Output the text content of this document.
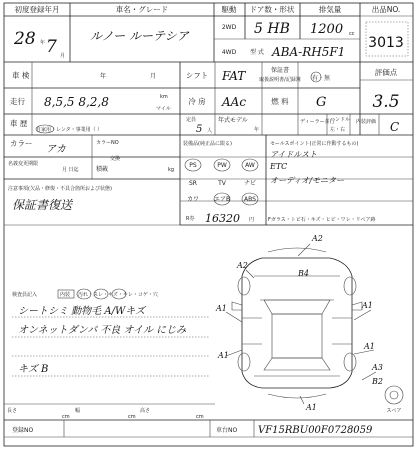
初度登録年月
28 年 7 月
車名・グレード
ルノー ルーテシア
駆動
2WD
4WD
ドア数・形状
5 HB
排気量
1200 cc
型 式 ABA-RH5F1
出品NO.
3013
車 検	年	月
走行 8,5,5 8,2,8	km
マイル
車 歴
自家用・レンタ・事業用（ ）
シフト FAT	保証書
取扱説明書/記録簿 有・無
評価点
3.5
冷 房 AAc	燃 料 G
定員
5 人
年式モデル
年
ディーラー並行
ハンドル
左・右
内装評価 C
カラー
アカ
カラーNO
交換
名義変更期限
月 日迄	積載	kg
装備品(純正品に限る)
PS	PW	AW
SR	TV	ナビ
カワ エアB ABS
R券 16320 円
セールスポイント(正常に作動するもの)
アイドルスト
ETC
オーディオ/モニター
Fガラス・トビ石・キズ・ヒビ・ワレ・リペア跡
注意事項(欠品・修復・不具合箇所および状態)
保証書復送
検査員記入	内装 汚れ・スレ・キズ・キレ・コゲ・穴
シートシミ 動物毛 A/Wキズ
オンネットダンパ 不良 オイル にじみ
キズ B
A2
A2
B4
A1	A1
A1
A1
A3
B2
A1	スペア
長さ
cm
幅
cm
高さ
cm
登録NO	車台NO VF15RBU00F0728059
